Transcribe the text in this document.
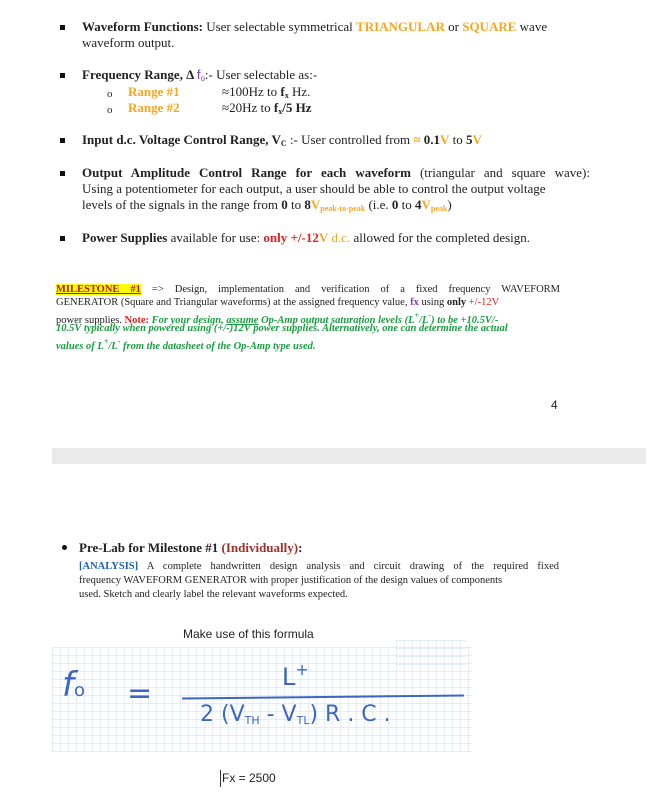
Waveform Functions: User selectable symmetrical TRIANGULAR or SQUARE wave
waveform output.
Frequency Range, Δ fo:- User selectable as:-
o Range #1	≈100Hz to fx Hz.
o Range #2	≈20Hz to fx/5 Hz
Input d.c. Voltage Control Range, VC :- User controlled from ≈ 0.1V to 5V
Output Amplitude Control Range for each waveform (triangular and square wave):
Using a potentiometer for each output, a user should be able to control the output voltage
levels of the signals in the range from 0 to 8Vpeak-to-peak (i.e. 0 to 4Vpeak)
Power Supplies available for use: only +/-12V d.c. allowed for the completed design.
MILESTONE #1 => Design, implementation and verification of a fixed frequency WAVEFORM
GENERATOR (Square and Triangular waveforms) at the assigned frequency value, fx using only +/-12V
power supplies. Note: For your design, assume Op-Amp output saturation levels (L+/L-) to be +10.5V/-
10.5V typically when powered using (+/-)12V power supplies. Alternatively, one can determine the actual
values of L+/L- from the datasheet of the Op-Amp type used.
4
Pre-Lab for Milestone #1 (Individually):
[ANALYSIS] A complete handwritten design analysis and circuit drawing of the required fixed
frequency WAVEFORM GENERATOR with proper justification of the design values of components
used. Sketch and clearly label the relevant waveforms expected.
Make use of this formula
fo =	L+
2 (VTH - VTL) R . C .
Fx = 2500
